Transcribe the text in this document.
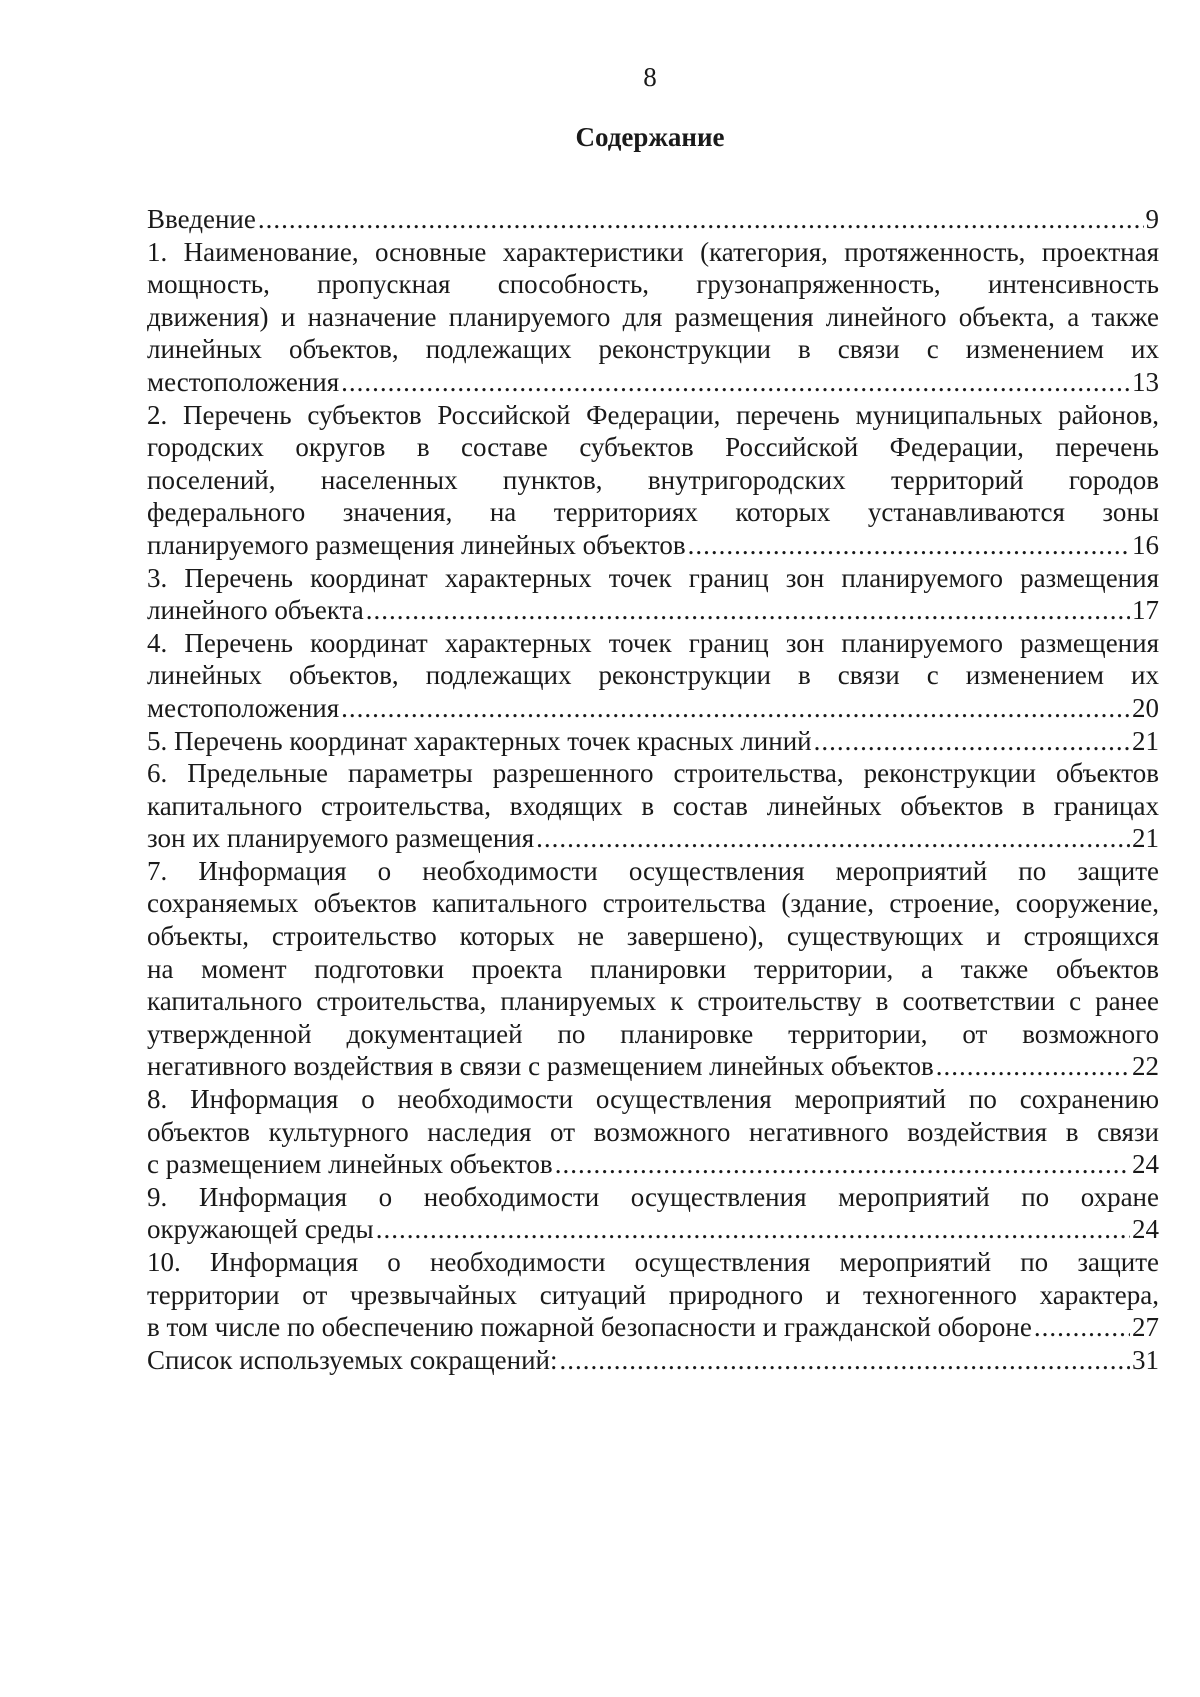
8
Содержание
Введение .....	9
1. Наименование, основные характеристики (категория, протяженность, проектная
мощность, пропускная способность, грузонапряженность, интенсивность
движения) и назначение планируемого для размещения линейного объекта, а также
линейных объектов, подлежащих реконструкции в связи с изменением их
местоположения .....	13
2. Перечень субъектов Российской Федерации, перечень муниципальных районов,
городских округов в составе субъектов Российской Федерации, перечень
поселений, населенных пунктов, внутригородских территорий городов
федерального значения, на территориях которых устанавливаются зоны
планируемого размещения линейных объектов .....	16
3. Перечень координат характерных точек границ зон планируемого размещения
линейного объекта .....	17
4. Перечень координат характерных точек границ зон планируемого размещения
линейных объектов, подлежащих реконструкции в связи с изменением их
местоположения .....	20
5. Перечень координат характерных точек красных линий .....	21
6. Предельные параметры разрешенного строительства, реконструкции объектов
капитального строительства, входящих в состав линейных объектов в границах
зон их планируемого размещения .....	21
7. Информация о необходимости осуществления мероприятий по защите
сохраняемых объектов капитального строительства (здание, строение, сооружение,
объекты, строительство которых не завершено), существующих и строящихся
на момент подготовки проекта планировки территории, а также объектов
капитального строительства, планируемых к строительству в соответствии с ранее
утвержденной документацией по планировке территории, от возможного
негативного воздействия в связи с размещением линейных объектов .....	22
8. Информация о необходимости осуществления мероприятий по сохранению
объектов культурного наследия от возможного негативного воздействия в связи
с размещением линейных объектов .....	24
9. Информация о необходимости осуществления мероприятий по охране
окружающей среды .....	24
10. Информация о необходимости осуществления мероприятий по защите
территории от чрезвычайных ситуаций природного и техногенного характера,
в том числе по обеспечению пожарной безопасности и гражданской обороне .....	27
Список используемых сокращений: .....	31
